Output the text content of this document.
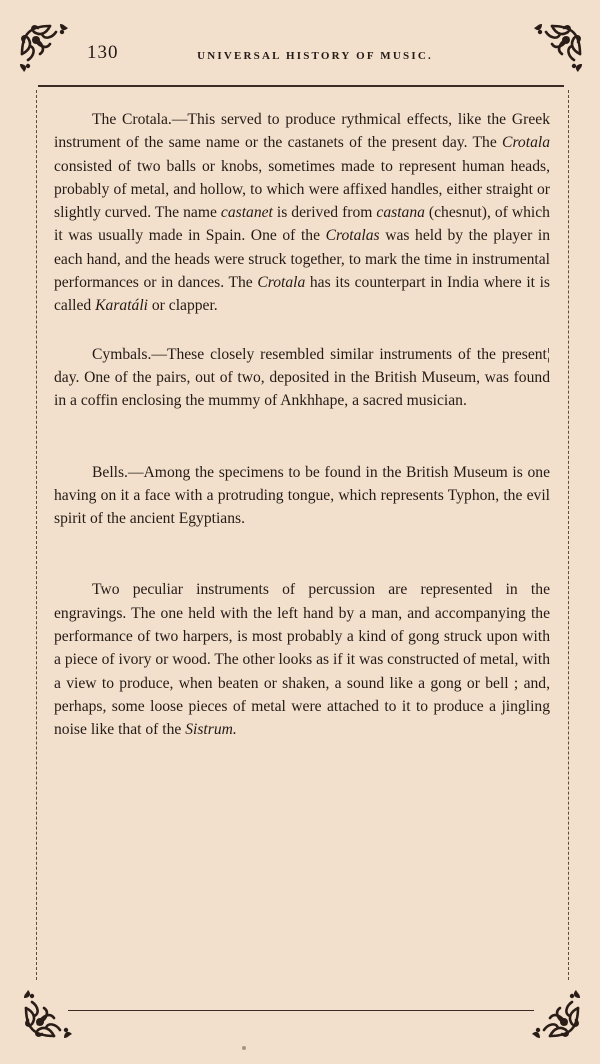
130	UNIVERSAL HISTORY OF MUSIC.

The Crotala.—This served to produce rythmical effects, like the Greek instrument of the same name or the castanets of the present day. The Crotala consisted of two balls or knobs, sometimes made to represent human heads, probably of metal, and hollow, to which were affixed handles, either straight or slightly curved. The name castanet is derived from castana (chesnut), of which it was usually made in Spain. One of the Crotalas was held by the player in each hand, and the heads were struck together, to mark the time in instrumental performances or in dances. The Crotala has its counterpart in India where it is called Karatáli or clapper.

Cymbals.—These closely resembled similar instruments of the present¦ day. One of the pairs, out of two, deposited in the British Museum, was found in a coffin enclosing the mummy of Ankhhape, a sacred musician.

Bells.—Among the specimens to be found in the British Museum is one having on it a face with a protruding tongue, which represents Typhon, the evil spirit of the ancient Egyptians.

Two peculiar instruments of percussion are represented in the engravings. The one held with the left hand by a man, and accompanying the performance of two harpers, is most probably a kind of gong struck upon with a piece of ivory or wood. The other looks as if it was constructed of metal, with a view to produce, when beaten or shaken, a sound like a gong or bell ; and, perhaps, some loose pieces of metal were attached to it to produce a jingling noise like that of the Sistrum.
